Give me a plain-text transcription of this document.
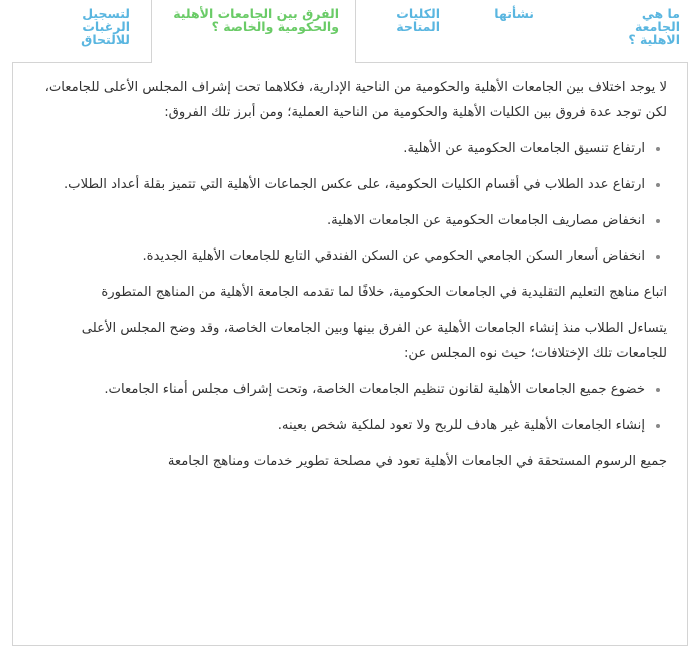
ما هي الجامعة الاهلية ؟
نشأتها
الكليات المتاحة
الفرق بين الجامعات الأهلية والحكومية والخاصة ؟
لتسجيل الرغبات للالتحاق

لا يوجد اختلاف بين الجامعات الأهلية والحكومية من الناحية الإدارية، فكلاهما تحت إشراف المجلس الأعلى للجامعات، لكن توجد عدة فروق بين الكليات الأهلية والحكومية من الناحية العملية؛ ومن أبرز تلك الفروق:

ارتفاع تنسيق الجامعات الحكومية عن الأهلية.
ارتفاع عدد الطلاب في أقسام الكليات الحكومية، على عكس الجماعات الأهلية التي تتميز بقلة أعداد الطلاب.
انخفاض مصاريف الجامعات الحكومية عن الجامعات الاهلية.
انخفاض أسعار السكن الجامعي الحكومي عن السكن الفندقي التابع للجامعات الأهلية الجديدة.

اتباع مناهج التعليم التقليدية في الجامعات الحكومية، خلافًا لما تقدمه الجامعة الأهلية من المناهج المتطورة

يتساءل الطلاب منذ إنشاء الجامعات الأهلية عن الفرق بينها وبين الجامعات الخاصة، وقد وضح المجلس الأعلى للجامعات تلك الإختلافات؛ حيث نوه المجلس عن:

خضوع جميع الجامعات الأهلية لقانون تنظيم الجامعات الخاصة، وتحت إشراف مجلس أمناء الجامعات.
إنشاء الجامعات الأهلية غير هادف للربح ولا تعود لملكية شخص بعينه.

جميع الرسوم المستحقة في الجامعات الأهلية تعود في مصلحة تطوير خدمات ومناهج الجامعة
